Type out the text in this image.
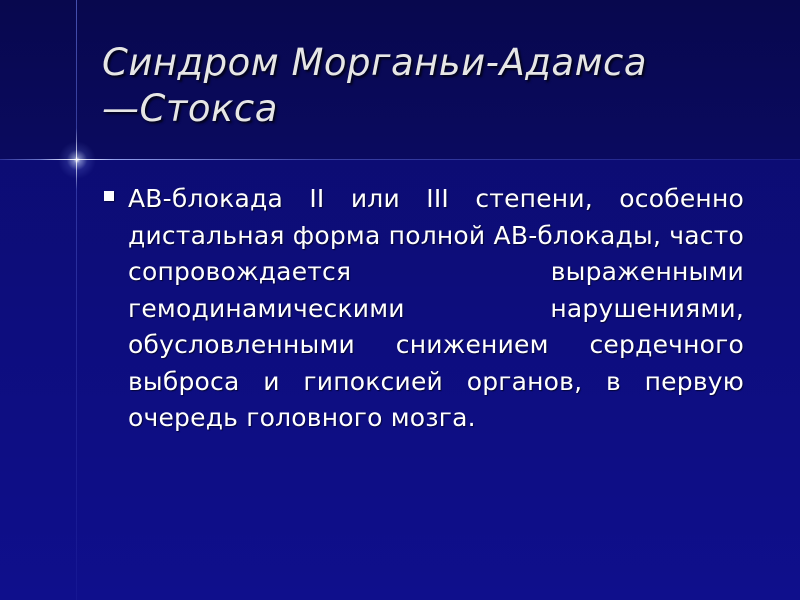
Синдром Морганьи-Адамса
—Стокса
АВ-блокада II или III степени, особенно дистальная форма полной АВ-блокады, часто сопровождается выраженными гемодинамическими нарушениями, обусловленными снижением сердечного выброса и гипоксией органов, в первую очередь головного мозга.
